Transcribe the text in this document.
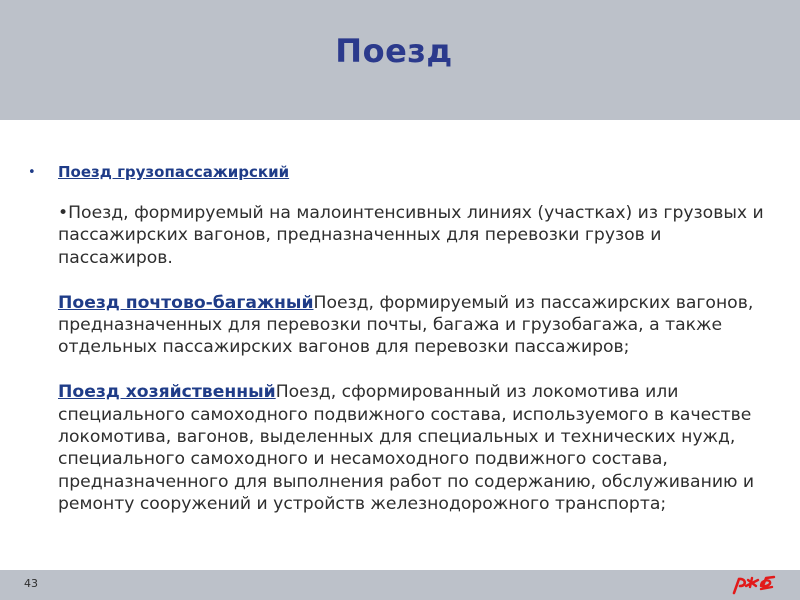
Поезд
• Поезд грузопассажирский

•Поезд, формируемый на малоинтенсивных линиях (участках) из грузовых и пассажирских вагонов, предназначенных для перевозки грузов и пассажиров.

Поезд почтово-багажныйПоезд, формируемый из пассажирских вагонов, предназначенных для перевозки почты, багажа и грузобагажа, а также отдельных пассажирских вагонов для перевозки пассажиров;

Поезд хозяйственныйПоезд, сформированный из локомотива или специального самоходного подвижного состава, используемого в качестве локомотива, вагонов, выделенных для специальных и технических нужд, специального самоходного и несамоходного подвижного состава, предназначенного для выполнения работ по содержанию, обслуживанию и ремонту сооружений и устройств железнодорожного транспорта;

43
